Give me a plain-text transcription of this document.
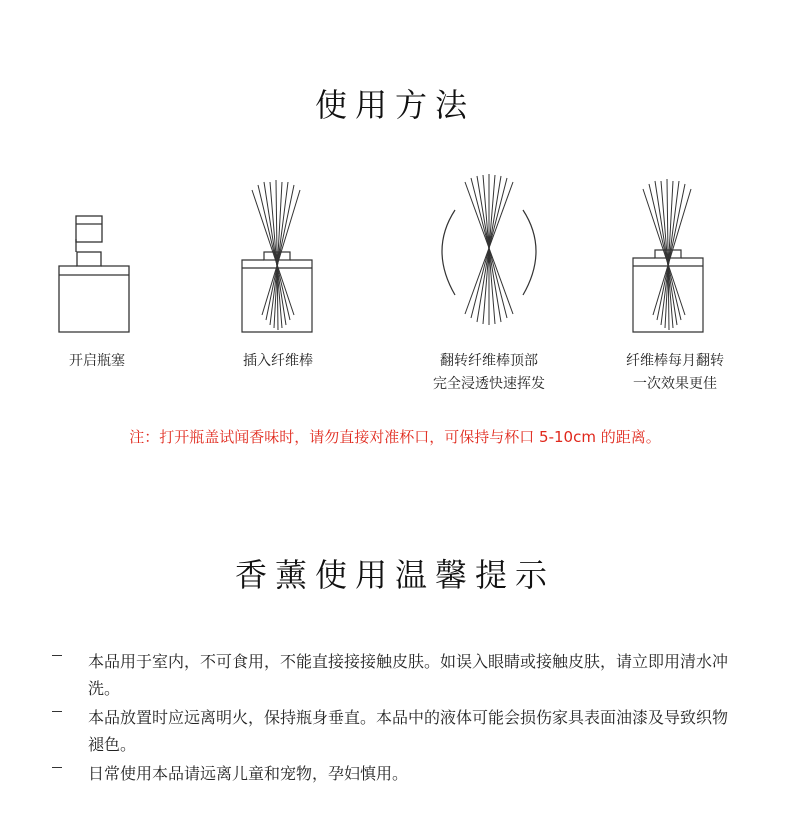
使用方法
开启瓶塞	插入纤维棒	翻转纤维棒顶部
完全浸透快速挥发
纤维棒每月翻转
一次效果更佳
注：打开瓶盖试闻香味时，请勿直接对准杯口，可保持与杯口 5-10cm 的距离。
香薰使用温馨提示
本品用于室内，不可食用，不能直接接接触皮肤。如误入眼睛或接触皮肤，请立即用清水冲洗。
本品放置时应远离明火，保持瓶身垂直。本品中的液体可能会损伤家具表面油漆及导致织物褪色。
日常使用本品请远离儿童和宠物，孕妇慎用。
